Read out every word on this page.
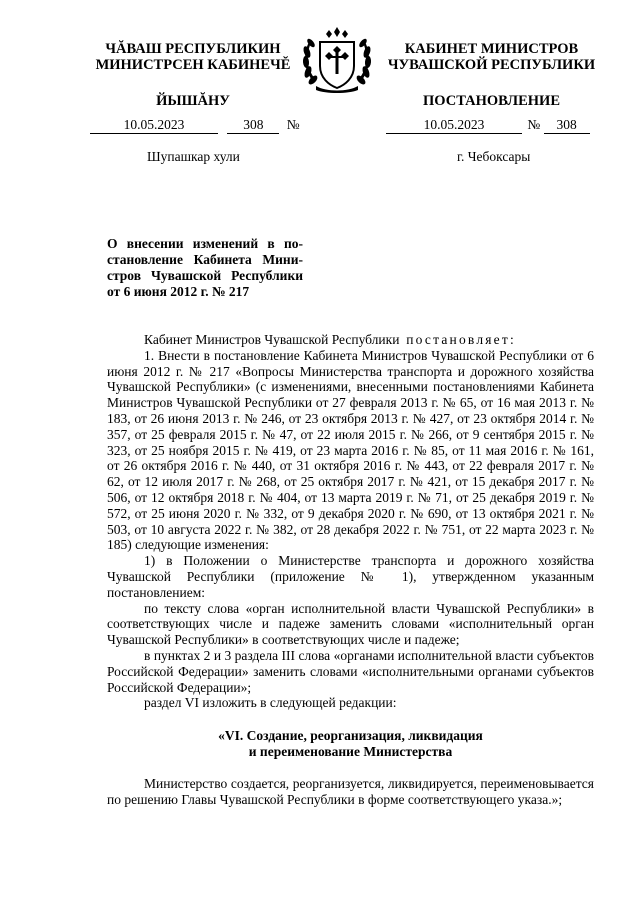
ЧĂВАШ РЕСПУБЛИКИН
МИНИСТРСЕН КАБИНЕЧĔ
ЙЫШĂНУ
КАБИНЕТ МИНИСТРОВ
ЧУВАШСКОЙ РЕСПУБЛИКИ
ПОСТАНОВЛЕНИЕ
10.05.2023	308 №	10.05.2023	№ 308
Шупашкар хули	г. Чебоксары
О внесении изменений в по-
становление Кабинета Мини-
стров Чувашской Республики
от 6 июня 2012 г. № 217

Кабинет Министров Чувашской Республики постановляет:

1. Внести в постановление Кабинета Министров Чувашской Республики от 6 июня 2012 г. № 217 «Вопросы Министерства транспорта и дорожного хозяйства Чувашской Республики» (с изменениями, внесенными постановлениями Кабинета Министров Чувашской Республики от 27 февраля 2013 г. № 65, от 16 мая 2013 г. № 183, от 26 июня 2013 г. № 246, от 23 октября 2013 г. № 427, от 23 октября 2014 г. № 357, от 25 февраля 2015 г. № 47, от 22 июля 2015 г. № 266, от 9 сентября 2015 г. № 323, от 25 ноября 2015 г. № 419, от 23 марта 2016 г. № 85, от 11 мая 2016 г. № 161, от 26 октября 2016 г. № 440, от 31 октября 2016 г. № 443, от 22 февраля 2017 г. № 62, от 12 июля 2017 г. № 268, от 25 октября 2017 г. № 421, от 15 декабря 2017 г. № 506, от 12 октября 2018 г. № 404, от 13 марта 2019 г. № 71, от 25 декабря 2019 г. № 572, от 25 июня 2020 г. № 332, от 9 декабря 2020 г. № 690, от 13 октября 2021 г. № 503, от 10 августа 2022 г. № 382, от 28 декабря 2022 г. № 751, от 22 марта 2023 г. № 185) следующие изменения:

1) в Положении о Министерстве транспорта и дорожного хозяйства Чувашской Республики (приложение № 1), утвержденном указанным постановлением:

по тексту слова «орган исполнительной власти Чувашской Республики» в соответствующих числе и падеже заменить словами «исполнительный орган Чувашской Республики» в соответствующих числе и падеже;

в пунктах 2 и 3 раздела III слова «органами исполнительной власти субъектов Российской Федерации» заменить словами «исполнительными органами субъектов Российской Федерации»;

раздел VI изложить в следующей редакции:

«VI. Создание, реорганизация, ликвидация
и переименование Министерства

Министерство создается, реорганизуется, ликвидируется, переименовывается по решению Главы Чувашской Республики в форме соответствующего указа.»;
